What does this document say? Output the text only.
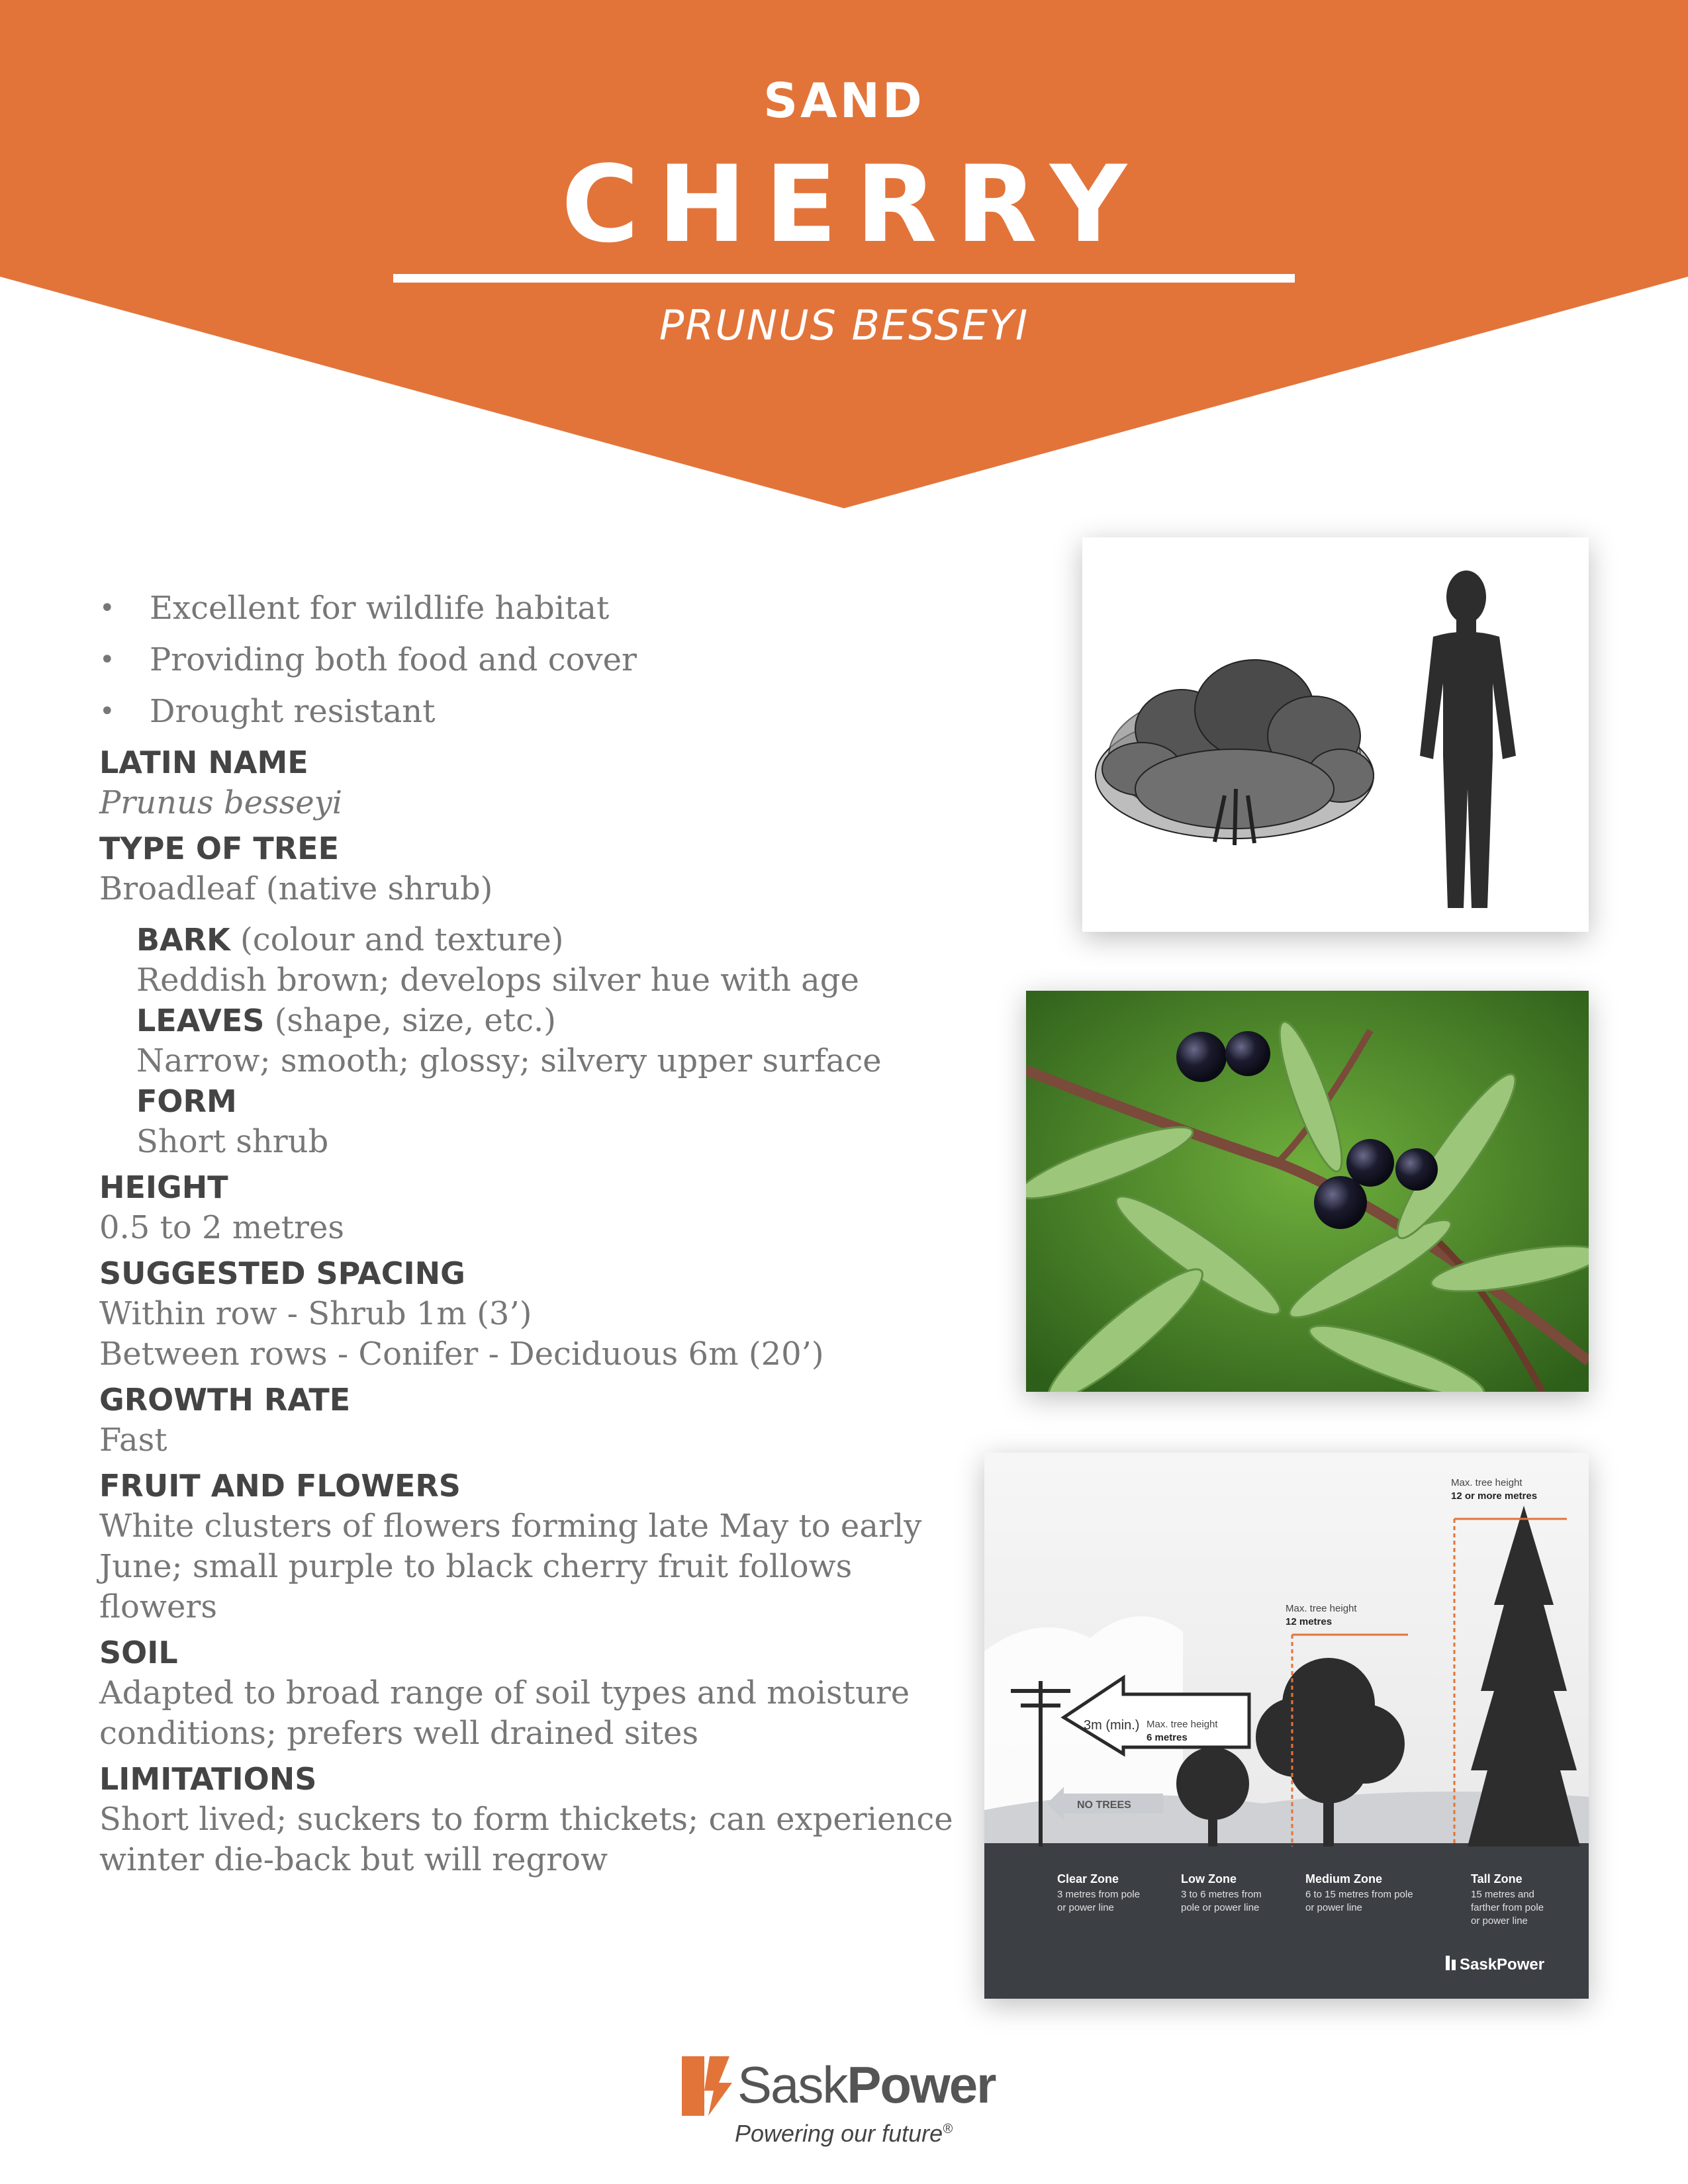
SAND
CHERRY
PRUNUS BESSEYI
• Excellent for wildlife habitat
• Providing both food and cover
• Drought resistant
LATIN NAME
Prunus besseyi
TYPE OF TREE
Broadleaf (native shrub)
BARK (colour and texture)
Reddish brown; develops silver hue with age
LEAVES (shape, size, etc.)
Narrow; smooth; glossy; silvery upper surface
FORM
Short shrub
HEIGHT
0.5 to 2 metres
SUGGESTED SPACING
Within row - Shrub 1m (3’)
Between rows - Conifer - Deciduous 6m (20’)
GROWTH RATE
Fast
FRUIT AND FLOWERS
White clusters of flowers forming late May to early
June; small purple to black cherry fruit follows flowers
SOIL
Adapted to broad range of soil types and moisture
conditions; prefers well drained sites
LIMITATIONS
Short lived; suckers to form thickets; can experience
winter die-back but will regrow
3m (min.)
NO TREES
Max. tree height
6 metres
Max. tree height
12 metres
Max. tree height
12 or more metres
Clear Zone
3 metres from pole
or power line
Low Zone
3 to 6 metres from
pole or power line
Medium Zone
6 to 15 metres from pole
or power line
Tall Zone
15 metres and
farther from pole
or power line
SaskPower
SaskPower
Powering our future®
